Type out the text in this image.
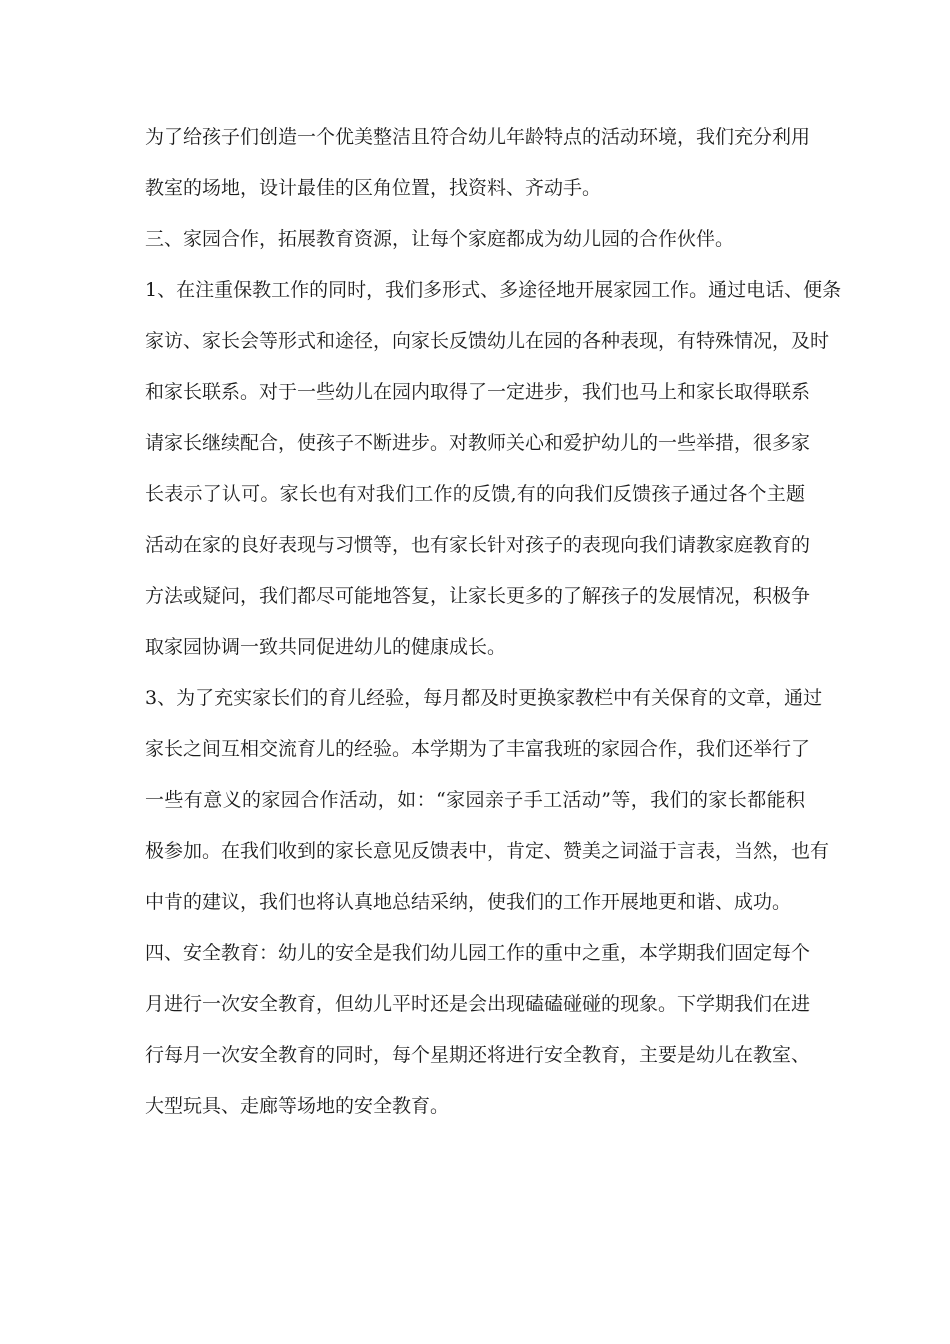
为了给孩子们创造一个优美整洁且符合幼儿年龄特点的活动环境，我们充分利用
教室的场地，设计最佳的区角位置，找资料、齐动手。
三、家园合作，拓展教育资源，让每个家庭都成为幼儿园的合作伙伴。
1、在注重保教工作的同时，我们多形式、多途径地开展家园工作。通过电话、便条
家访、家长会等形式和途径，向家长反馈幼儿在园的各种表现，有特殊情况，及时
和家长联系。对于一些幼儿在园内取得了一定进步，我们也马上和家长取得联系
请家长继续配合，使孩子不断进步。对教师关心和爱护幼儿的一些举措，很多家
长表示了认可。家长也有对我们工作的反馈,有的向我们反馈孩子通过各个主题
活动在家的良好表现与习惯等，也有家长针对孩子的表现向我们请教家庭教育的
方法或疑问，我们都尽可能地答复，让家长更多的了解孩子的发展情况，积极争
取家园协调一致共同促进幼儿的健康成长。
3、为了充实家长们的育儿经验，每月都及时更换家教栏中有关保育的文章，通过
家长之间互相交流育儿的经验。本学期为了丰富我班的家园合作，我们还举行了
一些有意义的家园合作活动，如：“家园亲子手工活动”等，我们的家长都能积
极参加。在我们收到的家长意见反馈表中，肯定、赞美之词溢于言表，当然，也有
中肯的建议，我们也将认真地总结采纳，使我们的工作开展地更和谐、成功。
四、安全教育：幼儿的安全是我们幼儿园工作的重中之重，本学期我们固定每个
月进行一次安全教育，但幼儿平时还是会出现磕磕碰碰的现象。下学期我们在进
行每月一次安全教育的同时，每个星期还将进行安全教育，主要是幼儿在教室、
大型玩具、走廊等场地的安全教育。
